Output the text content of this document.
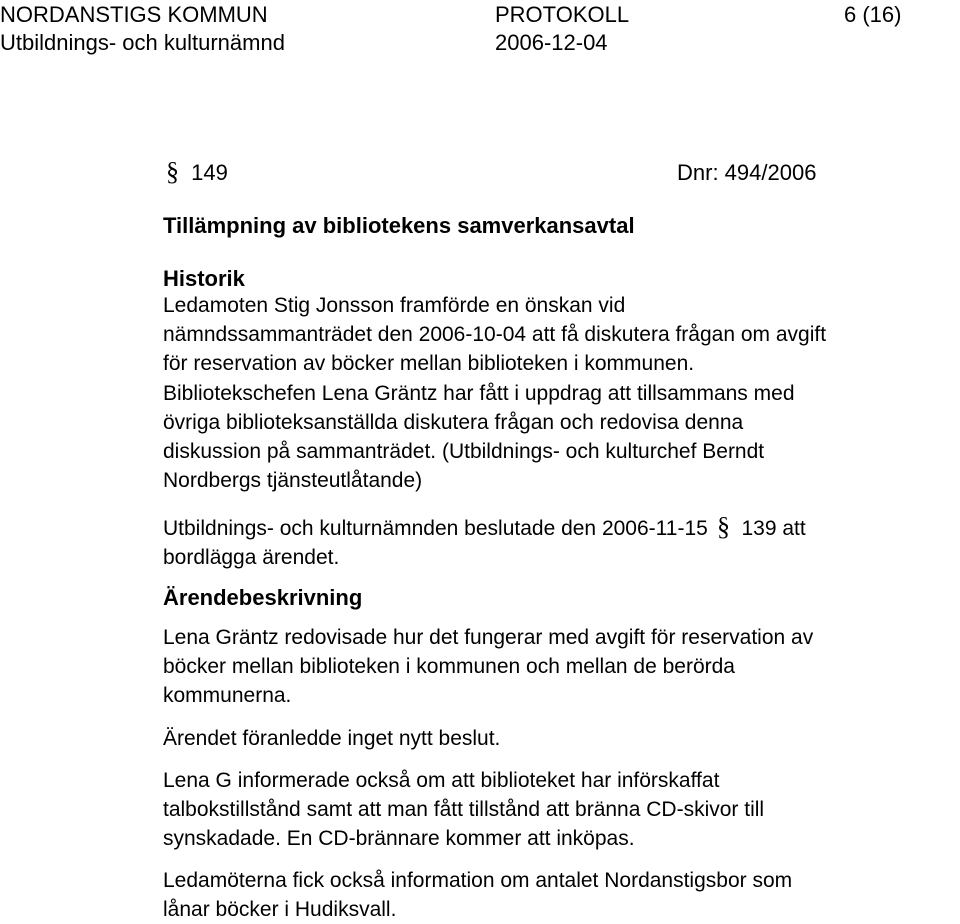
NORDANSTIGS KOMMUN	PROTOKOLL	6 (16)
Utbildnings- och kulturnämnd	2006-12-04
§ 149	Dnr: 494/2006
Tillämpning av bibliotekens samverkansavtal
Historik
Ledamoten Stig Jonsson framförde en önskan vid
nämndssammanträdet den 2006-10-04 att få diskutera frågan om avgift
för reservation av böcker mellan biblioteken i kommunen.
Bibliotekschefen Lena Gräntz har fått i uppdrag att tillsammans med
övriga biblioteksanställda diskutera frågan och redovisa denna
diskussion på sammanträdet. (Utbildnings- och kulturchef Berndt
Nordbergs tjänsteutlåtande)
Utbildnings- och kulturnämnden beslutade den 2006-11-15 § 139 att
bordlägga ärendet.
Ärendebeskrivning
Lena Gräntz redovisade hur det fungerar med avgift för reservation av
böcker mellan biblioteken i kommunen och mellan de berörda
kommunerna.
Ärendet föranledde inget nytt beslut.
Lena G informerade också om att biblioteket har införskaffat
talbokstillstånd samt att man fått tillstånd att bränna CD-skivor till
synskadade. En CD-brännare kommer att inköpas.
Ledamöterna fick också information om antalet Nordanstigsbor som
lånar böcker i Hudiksvall.
